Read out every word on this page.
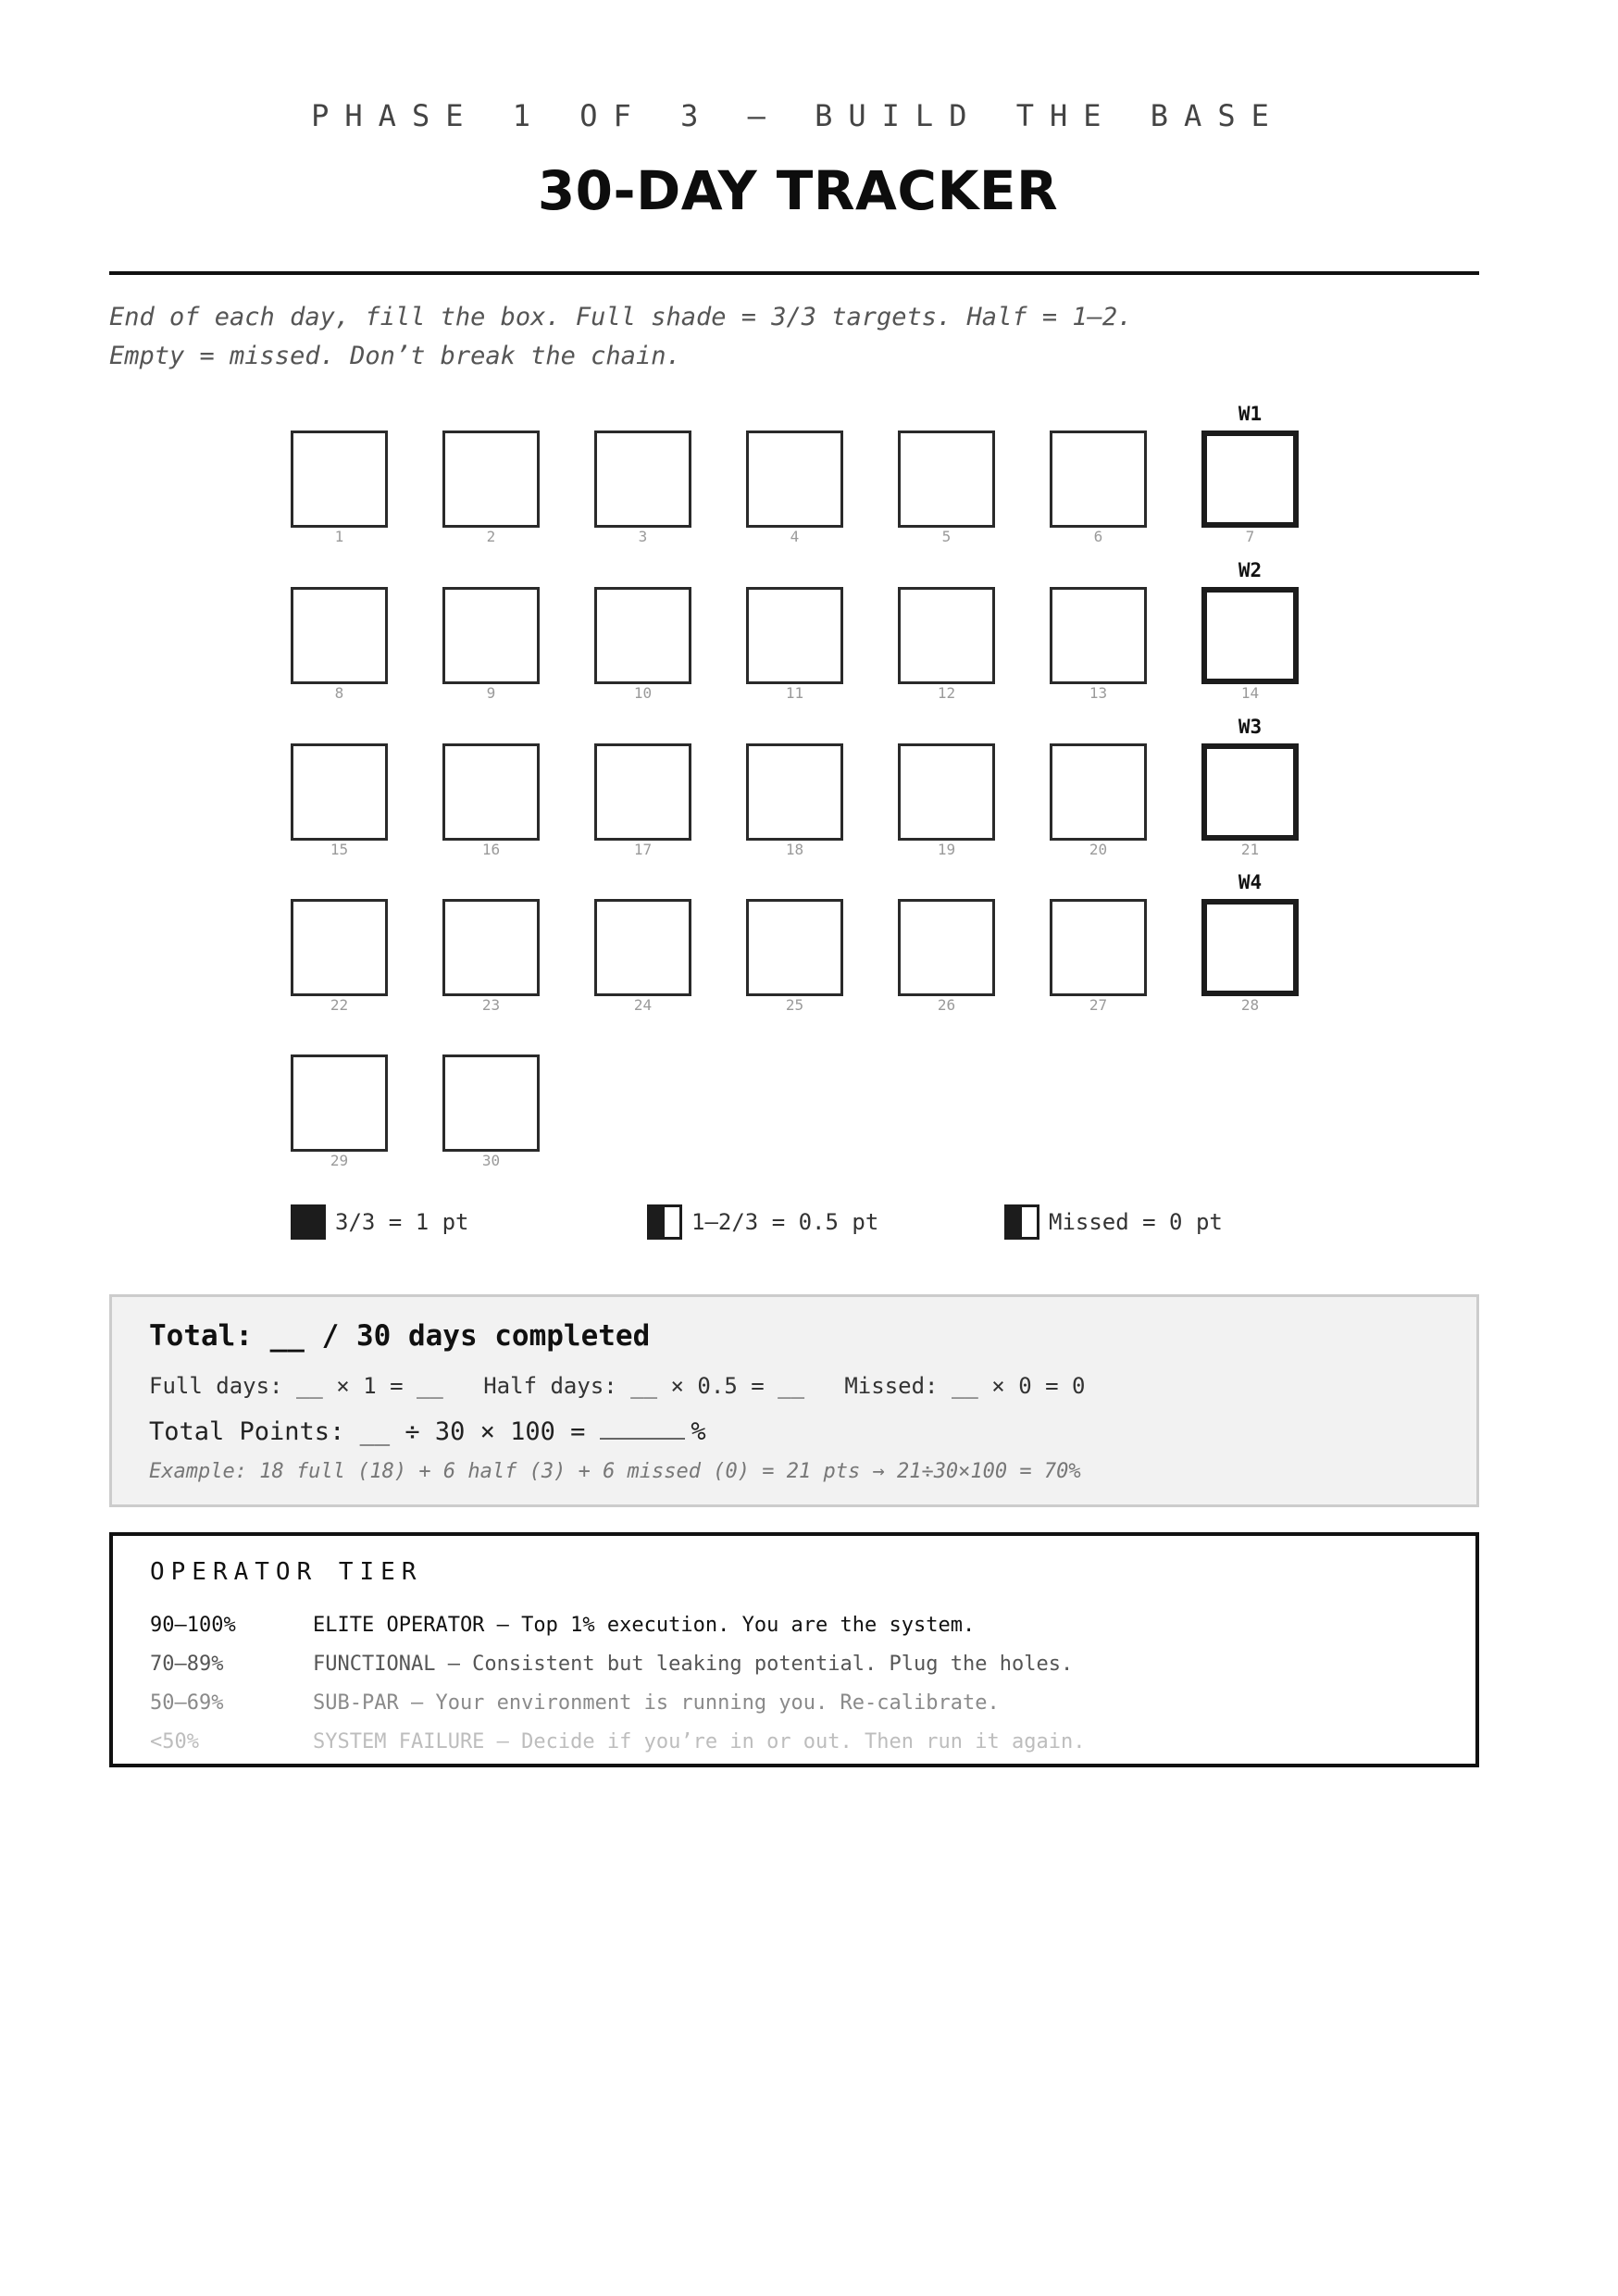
PHASE 1 OF 3 — BUILD THE BASE
30-DAY TRACKER
End of each day, fill the box. Full shade = 3/3 targets. Half = 1–2.
Empty = missed. Don’t break the chain.
1	2	3	4	5	6	7
W1
8	9	10	11	12	13	14
W2
15	16	17	18	19	20	21
W3
22	23	24	25	26	27	28
W4
29	30
3/3 = 1 pt	1–2/3 = 0.5 pt	Missed = 0 pt
Total: __ / 30 days completed
Full days: __ × 1 = __   Half days: __ × 0.5 = __   Missed: __ × 0 = 0
Total Points: __ ÷ 30 × 100 =	%
Example: 18 full (18) + 6 half (3) + 6 missed (0) = 21 pts → 21÷30×100 = 70%
OPERATOR TIER
90–100%	ELITE OPERATOR — Top 1% execution. You are the system.
70–89%	FUNCTIONAL — Consistent but leaking potential. Plug the holes.
50–69%	SUB-PAR — Your environment is running you. Re-calibrate.
<50%	SYSTEM FAILURE — Decide if you’re in or out. Then run it again.
